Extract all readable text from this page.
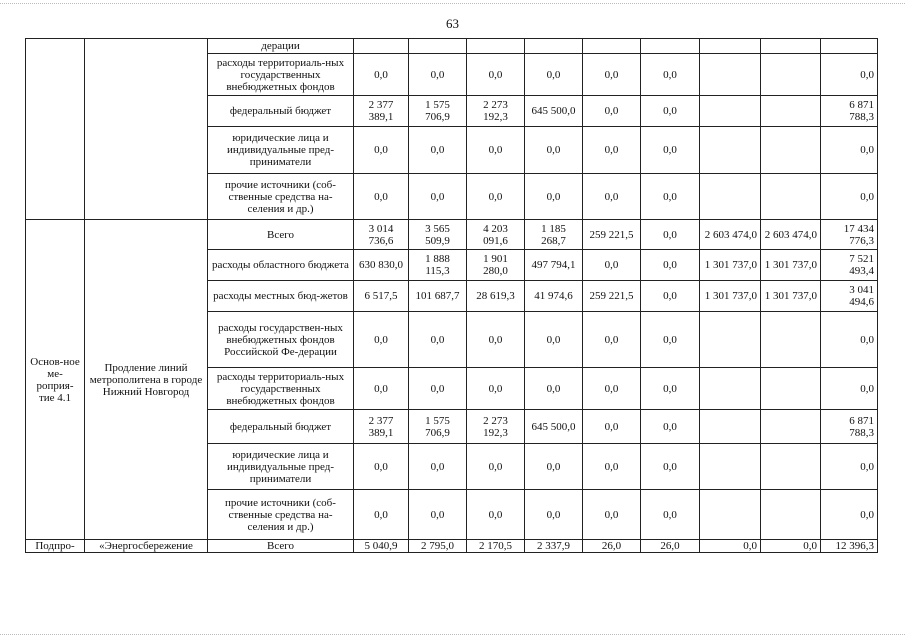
63
		дерации									
		расходы территориаль-ных государственных внебюджетных фондов	0,0	0,0	0,0	0,0	0,0	0,0			0,0
		федеральный бюджет	2 377 389,1	1 575 706,9	2 273 192,3	645 500,0	0,0	0,0			6 871 788,3
		юридические лица и индивидуальные пред-приниматели	0,0	0,0	0,0	0,0	0,0	0,0			0,0
		прочие источники (соб-ственные средства на-селения и др.)	0,0	0,0	0,0	0,0	0,0	0,0			0,0
Основ-ное ме-роприя-тие 4.1	Продление линий метрополитена в городе Нижний Новгород	Всего	3 014 736,6	3 565 509,9	4 203 091,6	1 185 268,7	259 221,5	0,0	2 603 474,0	2 603 474,0	17 434 776,3
		расходы областного бюджета	630 830,0	1 888 115,3	1 901 280,0	497 794,1	0,0	0,0	1 301 737,0	1 301 737,0	7 521 493,4
		расходы местных бюд-жетов	6 517,5	101 687,7	28 619,3	41 974,6	259 221,5	0,0	1 301 737,0	1 301 737,0	3 041 494,6
		расходы государствен-ных внебюджетных фондов Российской Фе-дерации	0,0	0,0	0,0	0,0	0,0	0,0			0,0
		расходы территориаль-ных государственных внебюджетных фондов	0,0	0,0	0,0	0,0	0,0	0,0			0,0
		федеральный бюджет	2 377 389,1	1 575 706,9	2 273 192,3	645 500,0	0,0	0,0			6 871 788,3
		юридические лица и индивидуальные пред-приниматели	0,0	0,0	0,0	0,0	0,0	0,0			0,0
		прочие источники (соб-ственные средства на-селения и др.)	0,0	0,0	0,0	0,0	0,0	0,0			0,0
Подпро-	«Энергосбережение	Всего	5 040,9	2 795,0	2 170,5	2 337,9	26,0	26,0	0,0	0,0	12 396,3
